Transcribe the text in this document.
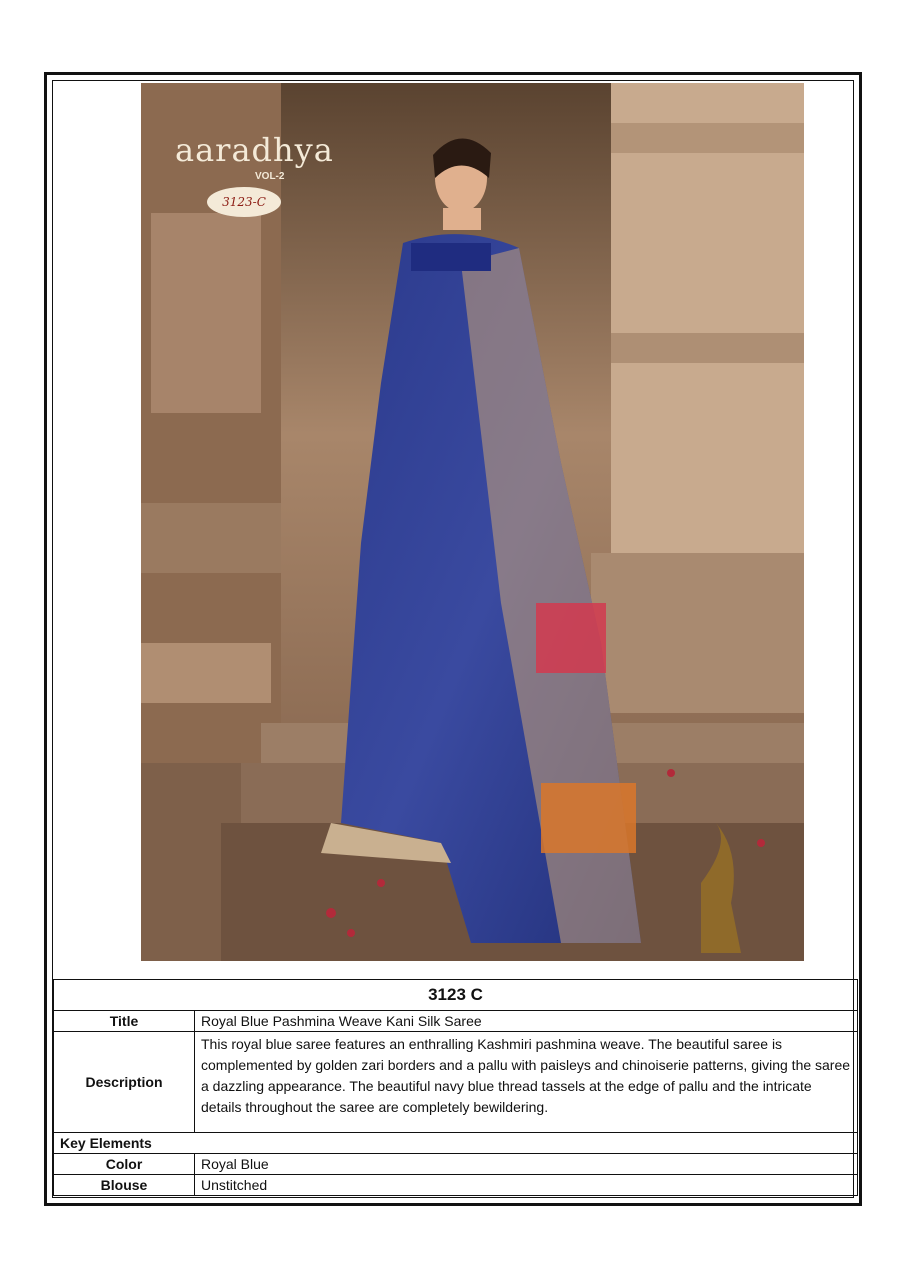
aaradhya
VOL-2
3123-C
3123 C	
Title	Royal Blue Pashmina Weave Kani Silk Saree
Description	This royal blue saree features an enthralling Kashmiri pashmina weave. The beautiful saree is complemented by golden zari borders and a pallu with paisleys and chinoiserie patterns, giving the saree a dazzling appearance. The beautiful navy blue thread tassels at the edge of pallu and the intricate details throughout the saree are completely bewildering.
Key Elements	
Color	Royal Blue
Blouse	Unstitched
